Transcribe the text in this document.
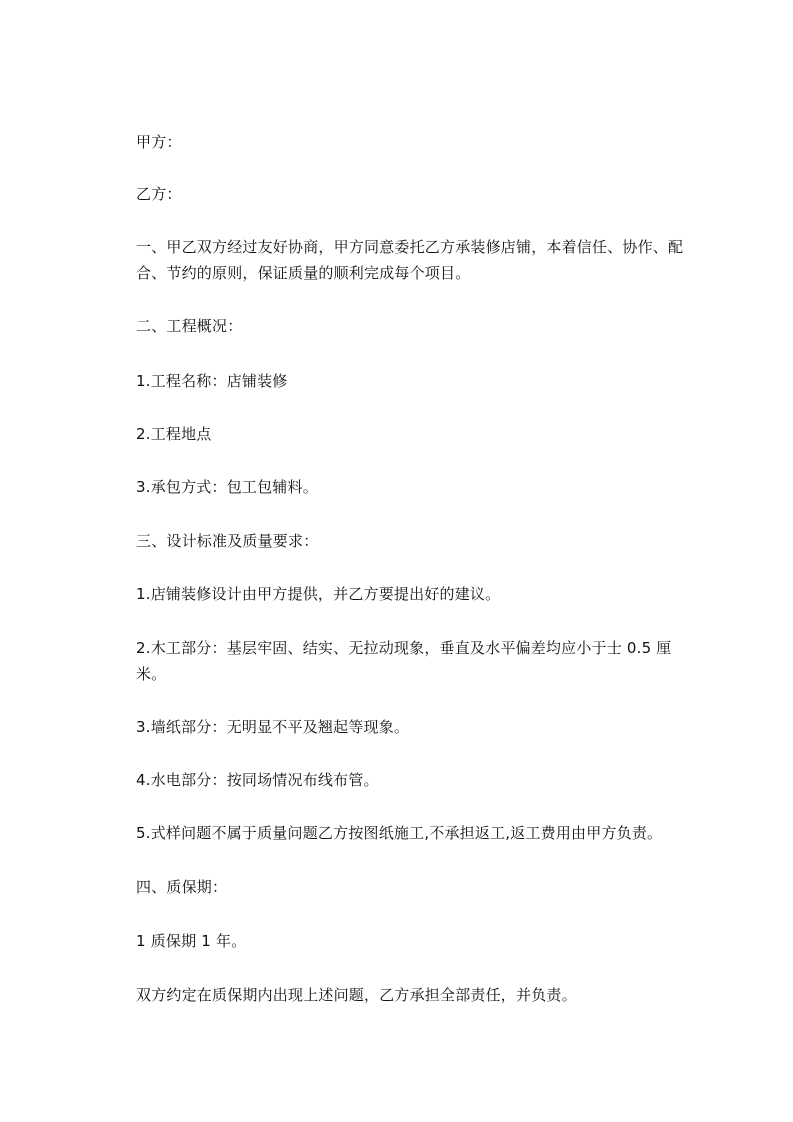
甲方：
乙方：
一、甲乙双方经过友好协商，甲方同意委托乙方承装修店铺，本着信任、协作、配合、节约的原则，保证质量的顺利完成每个项目。
二、工程概况：
1.工程名称：店铺装修
2.工程地点
3.承包方式：包工包辅料。
三、设计标准及质量要求：
1.店铺装修设计由甲方提供，并乙方要提出好的建议。
2.木工部分：基层牢固、结实、无拉动现象，垂直及水平偏差均应小于士 0.5 厘米。
3.墙纸部分：无明显不平及翘起等现象。
4.水电部分：按同场情况布线布管。
5.式样问题不属于质量问题乙方按图纸施工,不承担返工,返工费用由甲方负责。
四、质保期：
1 质保期 1 年。
双方约定在质保期内出现上述问题，乙方承担全部责任，并负责。
